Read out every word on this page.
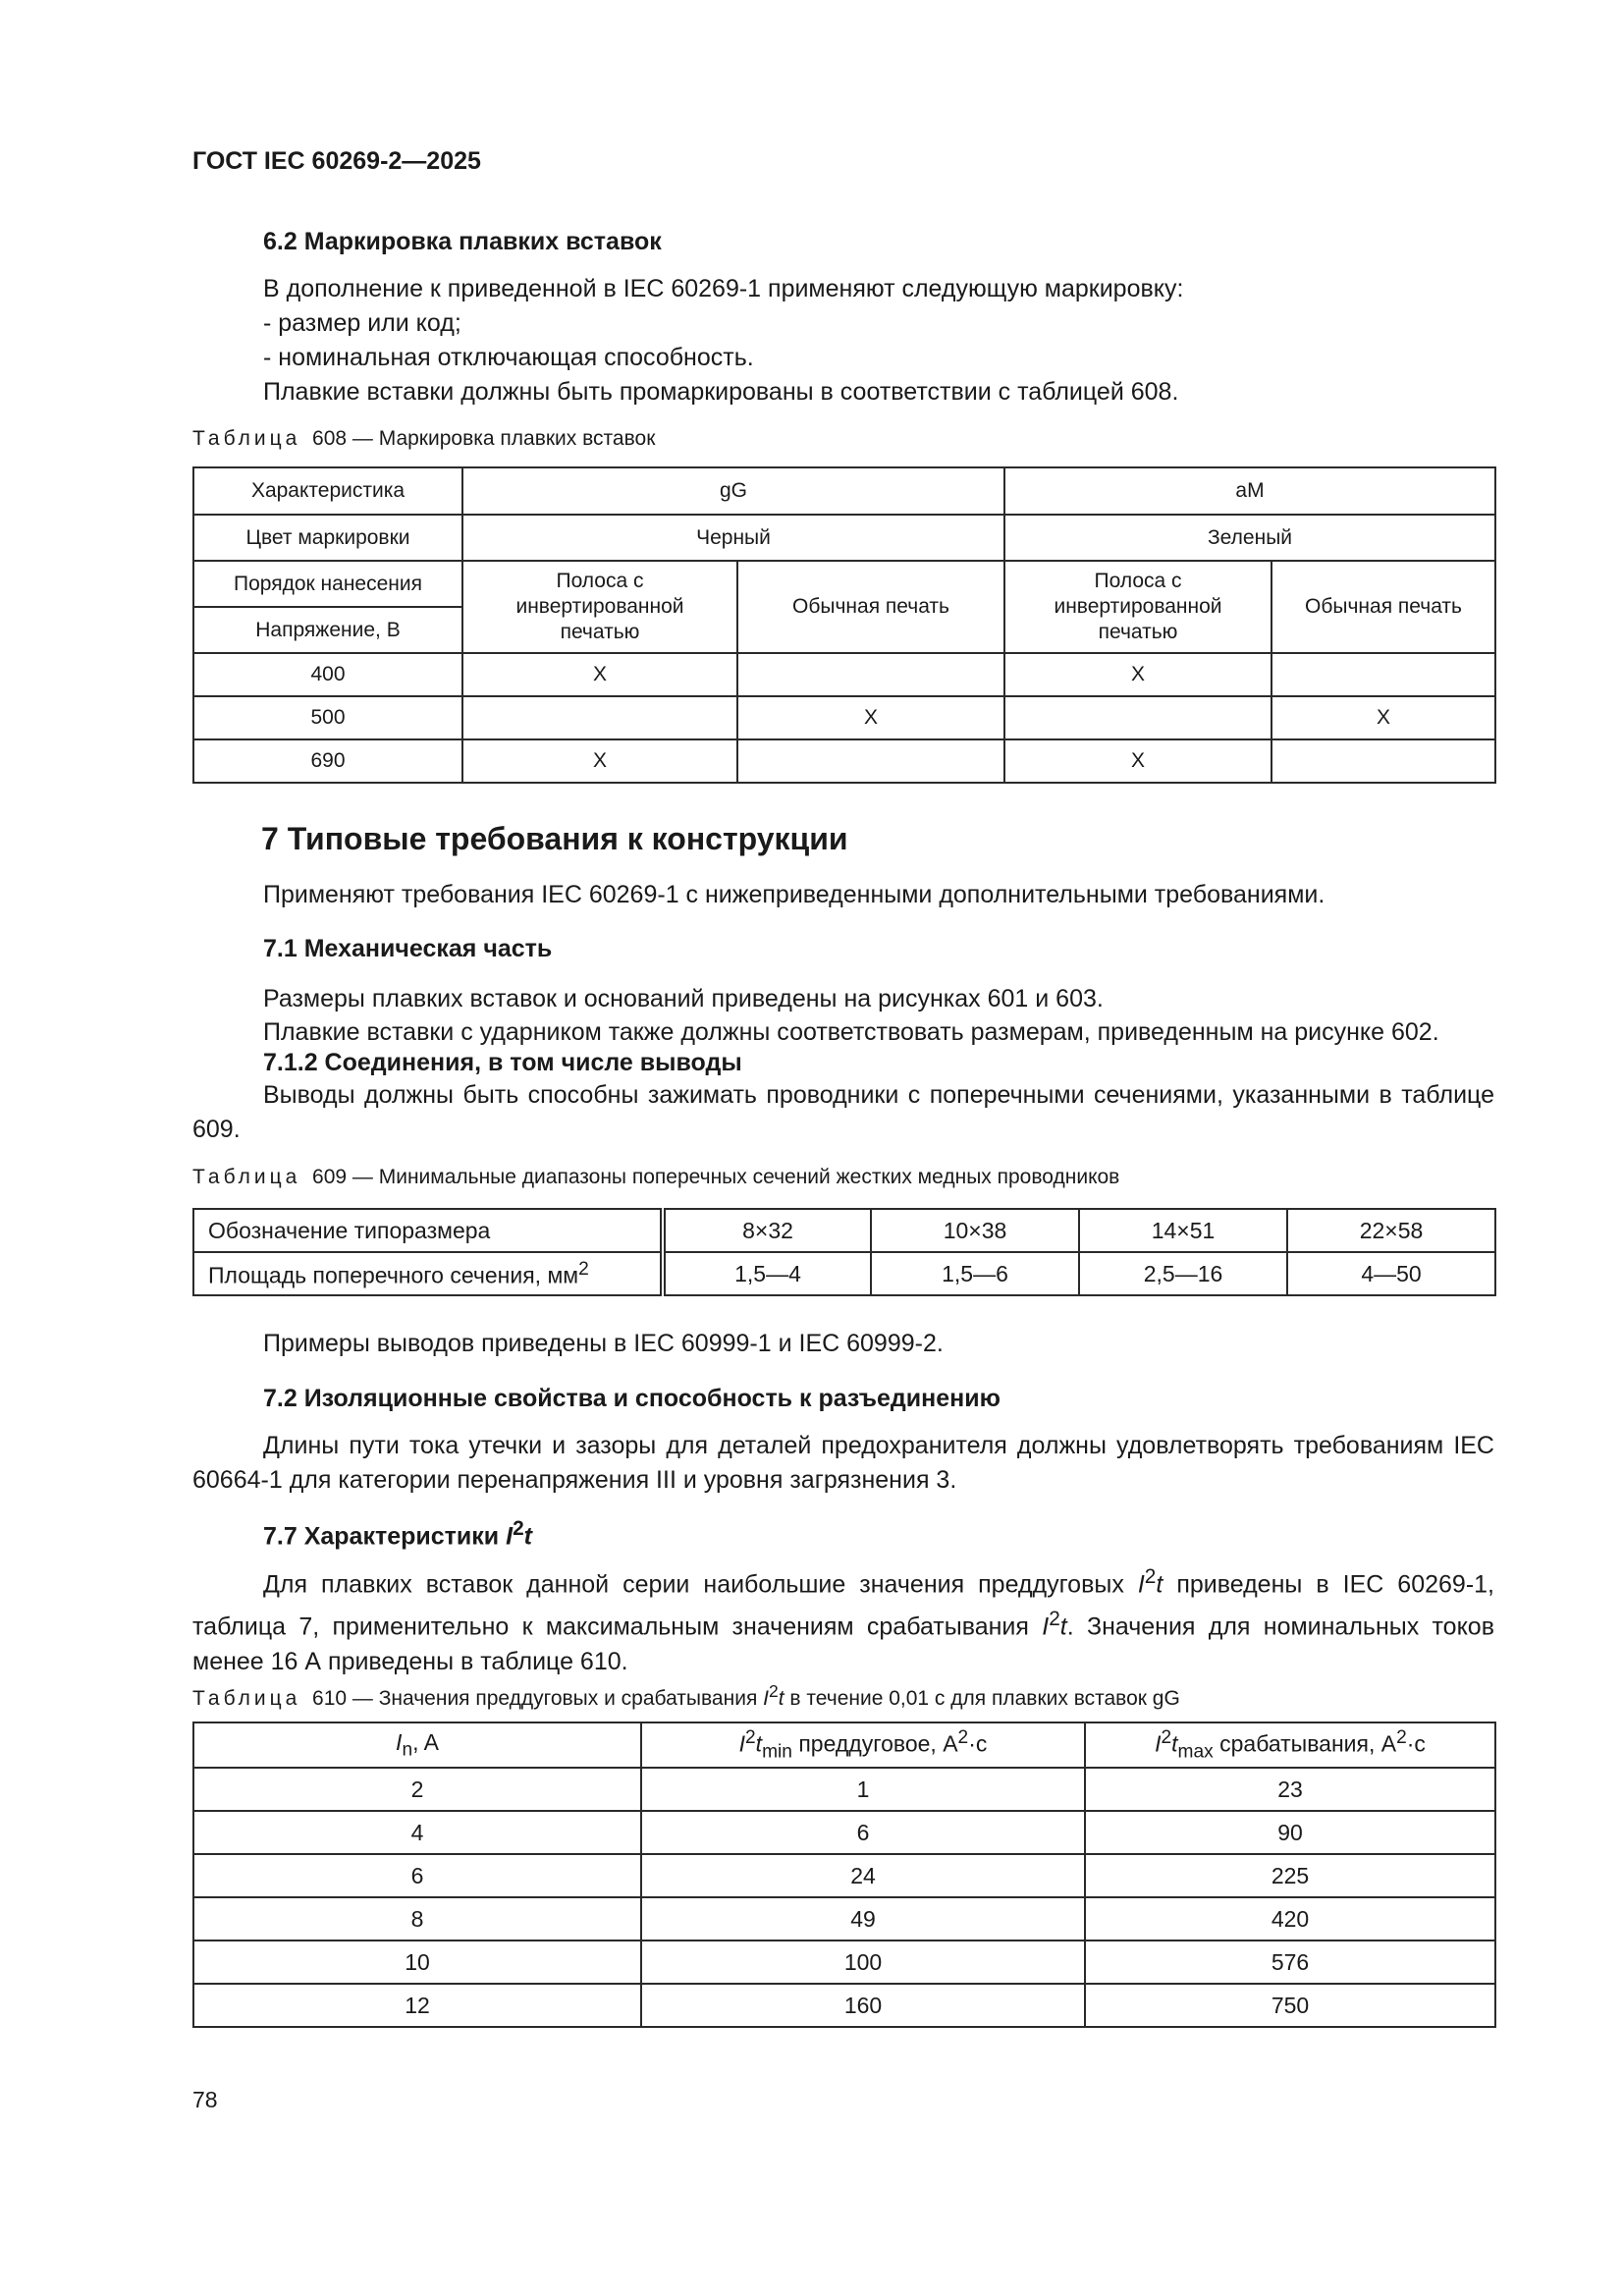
ГОСТ IEC 60269-2—2025
6.2 Маркировка плавких вставок
В дополнение к приведенной в IEC 60269-1 применяют следующую маркировку:
- размер или код;
- номинальная отключающая способность.
Плавкие вставки должны быть промаркированы в соответствии с таблицей 608.
Таблица 608 — Маркировка плавких вставок
Характеристика	gG		aM	
Цвет маркировки	Черный		Зеленый	
Порядок нанесения	Полоса с инвертированной печатью	Обычная печать	Полоса с инвертированной печатью	Обычная печать
Напряжение, В				
400	X		X	
500		X		X
690	X		X	
7 Типовые требования к конструкции
Применяют требования IEC 60269-1 с нижеприведенными дополнительными требованиями.
7.1 Механическая часть
Размеры плавких вставок и оснований приведены на рисунках 601 и 603.
Плавкие вставки с ударником также должны соответствовать размерам, приведенным на рисунке 602.
7.1.2 Соединения, в том числе выводы
Выводы должны быть способны зажимать проводники с поперечными сечениями, указанными в таблице 609.
Таблица 609 — Минимальные диапазоны поперечных сечений жестких медных проводников
Обозначение типоразмера	8×32	10×38	14×51	22×58
Площадь поперечного сечения, $мм^2$	1,5—4	1,5—6	2,5—16	4—50
Примеры выводов приведены в IEC 60999-1 и IEC 60999-2.
7.2 Изоляционные свойства и способность к разъединению
Длины пути тока утечки и зазоры для деталей предохранителя должны удовлетворять требованиям IEC 60664-1 для категории перенапряжения III и уровня загрязнения 3.
7.7 Характеристики $I^2t$
Для плавких вставок данной серии наибольшие значения преддуговых $I^2t$ приведены в IEC 60269-1, таблица 7, применительно к максимальным значениям срабатывания $I^2t$. Значения для номинальных токов менее 16 А приведены в таблице 610.
Таблица 610 — Значения преддуговых и срабатывания $I^2t$ в течение 0,01 с для плавких вставок gG
$I_n$, A	$I^2t_{min}$ преддуговое, $А^2\cdot с$	$I^2t_{max}$ срабатывания, $А^2\cdot с$
2	1	23
4	6	90
6	24	225
8	49	420
10	100	576
12	160	750
78
